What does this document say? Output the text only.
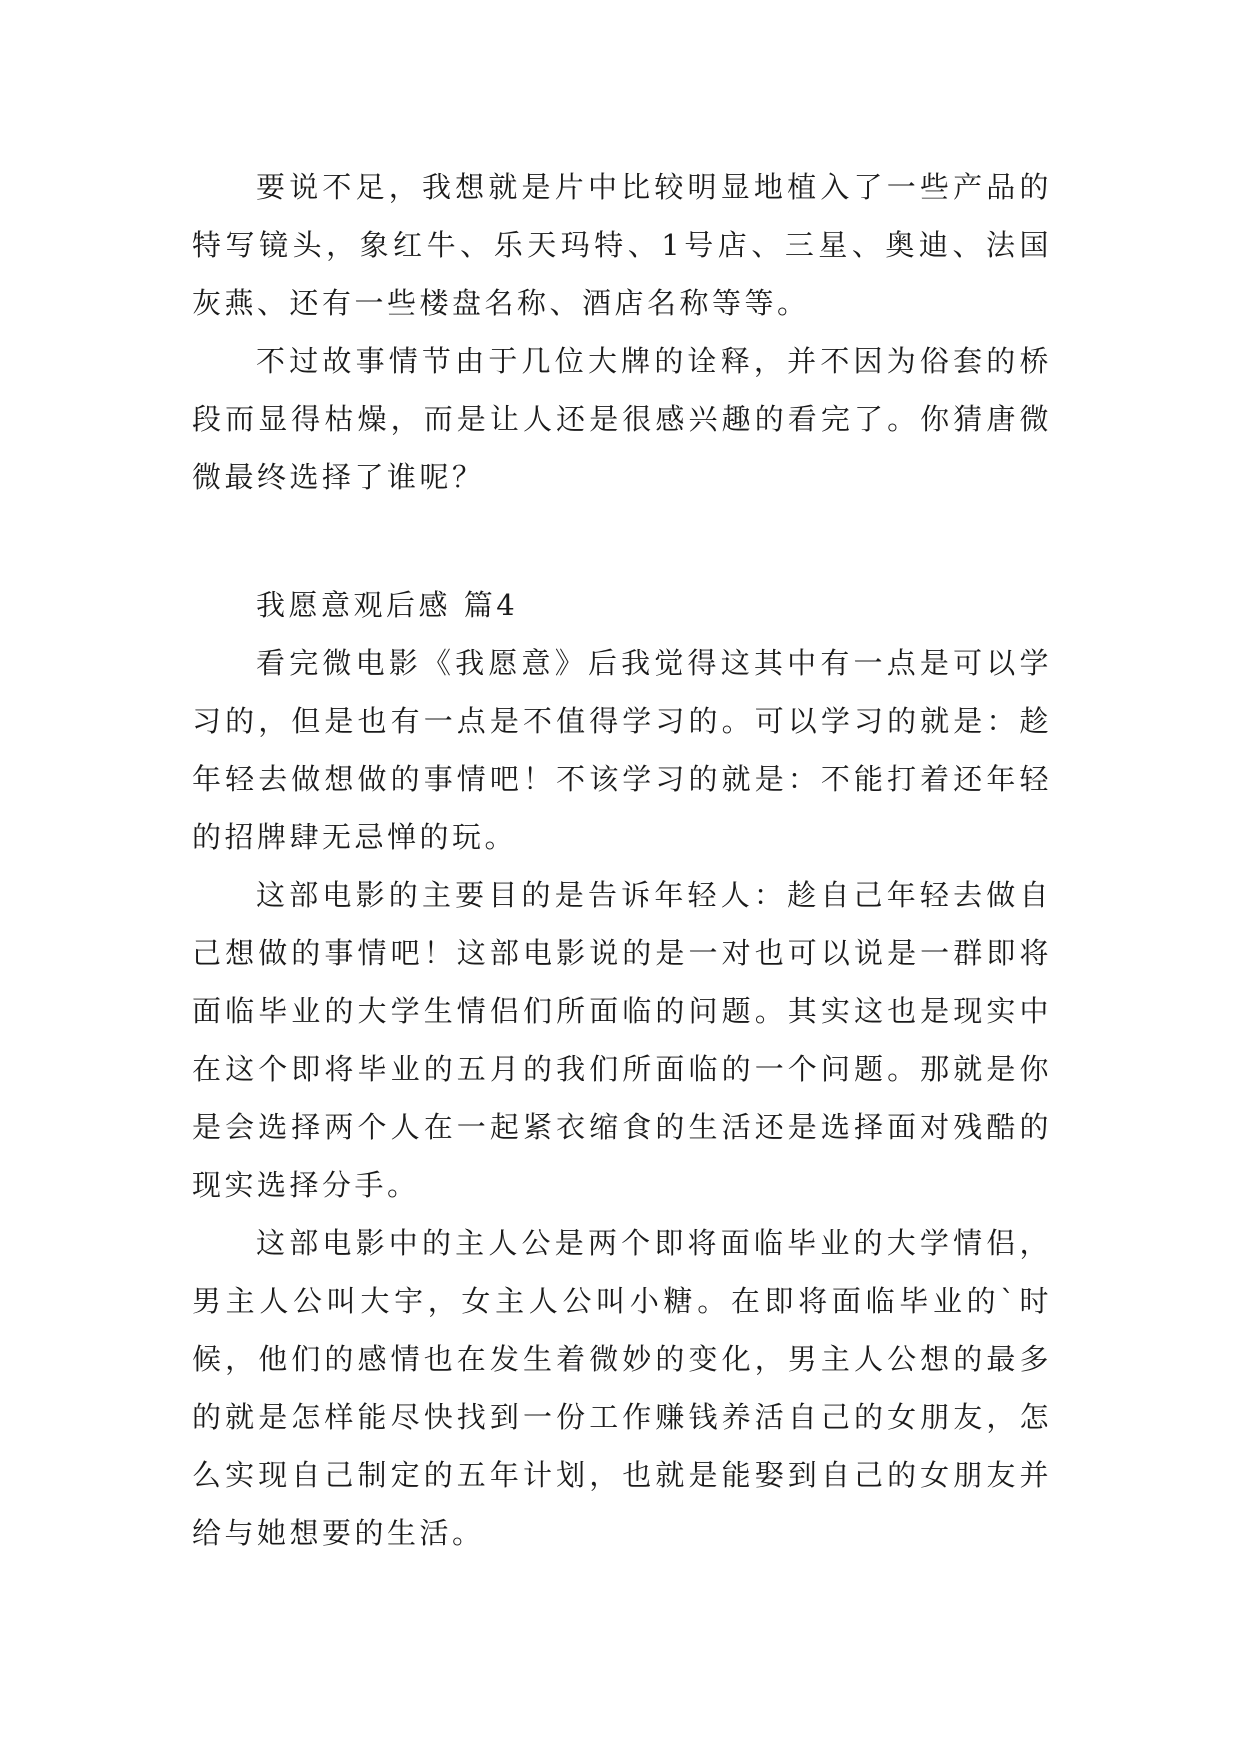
要说不足，我想就是片中比较明显地植入了一些产品的特写镜头，象红牛、乐天玛特、1号店、三星、奥迪、法国灰燕、还有一些楼盘名称、酒店名称等等。

不过故事情节由于几位大牌的诠释，并不因为俗套的桥段而显得枯燥，而是让人还是很感兴趣的看完了。你猜唐微微最终选择了谁呢？

我愿意观后感 篇4

看完微电影《我愿意》后我觉得这其中有一点是可以学习的，但是也有一点是不值得学习的。可以学习的就是：趁年轻去做想做的事情吧！不该学习的就是：不能打着还年轻的招牌肆无忌惮的玩。

这部电影的主要目的是告诉年轻人：趁自己年轻去做自己想做的事情吧！这部电影说的是一对也可以说是一群即将面临毕业的大学生情侣们所面临的问题。其实这也是现实中在这个即将毕业的五月的我们所面临的一个问题。那就是你是会选择两个人在一起紧衣缩食的生活还是选择面对残酷的现实选择分手。

这部电影中的主人公是两个即将面临毕业的大学情侣，男主人公叫大宇，女主人公叫小糖。在即将面临毕业的`时候，他们的感情也在发生着微妙的变化，男主人公想的最多的就是怎样能尽快找到一份工作赚钱养活自己的女朋友，怎么实现自己制定的五年计划，也就是能娶到自己的女朋友并给与她想要的生活。
